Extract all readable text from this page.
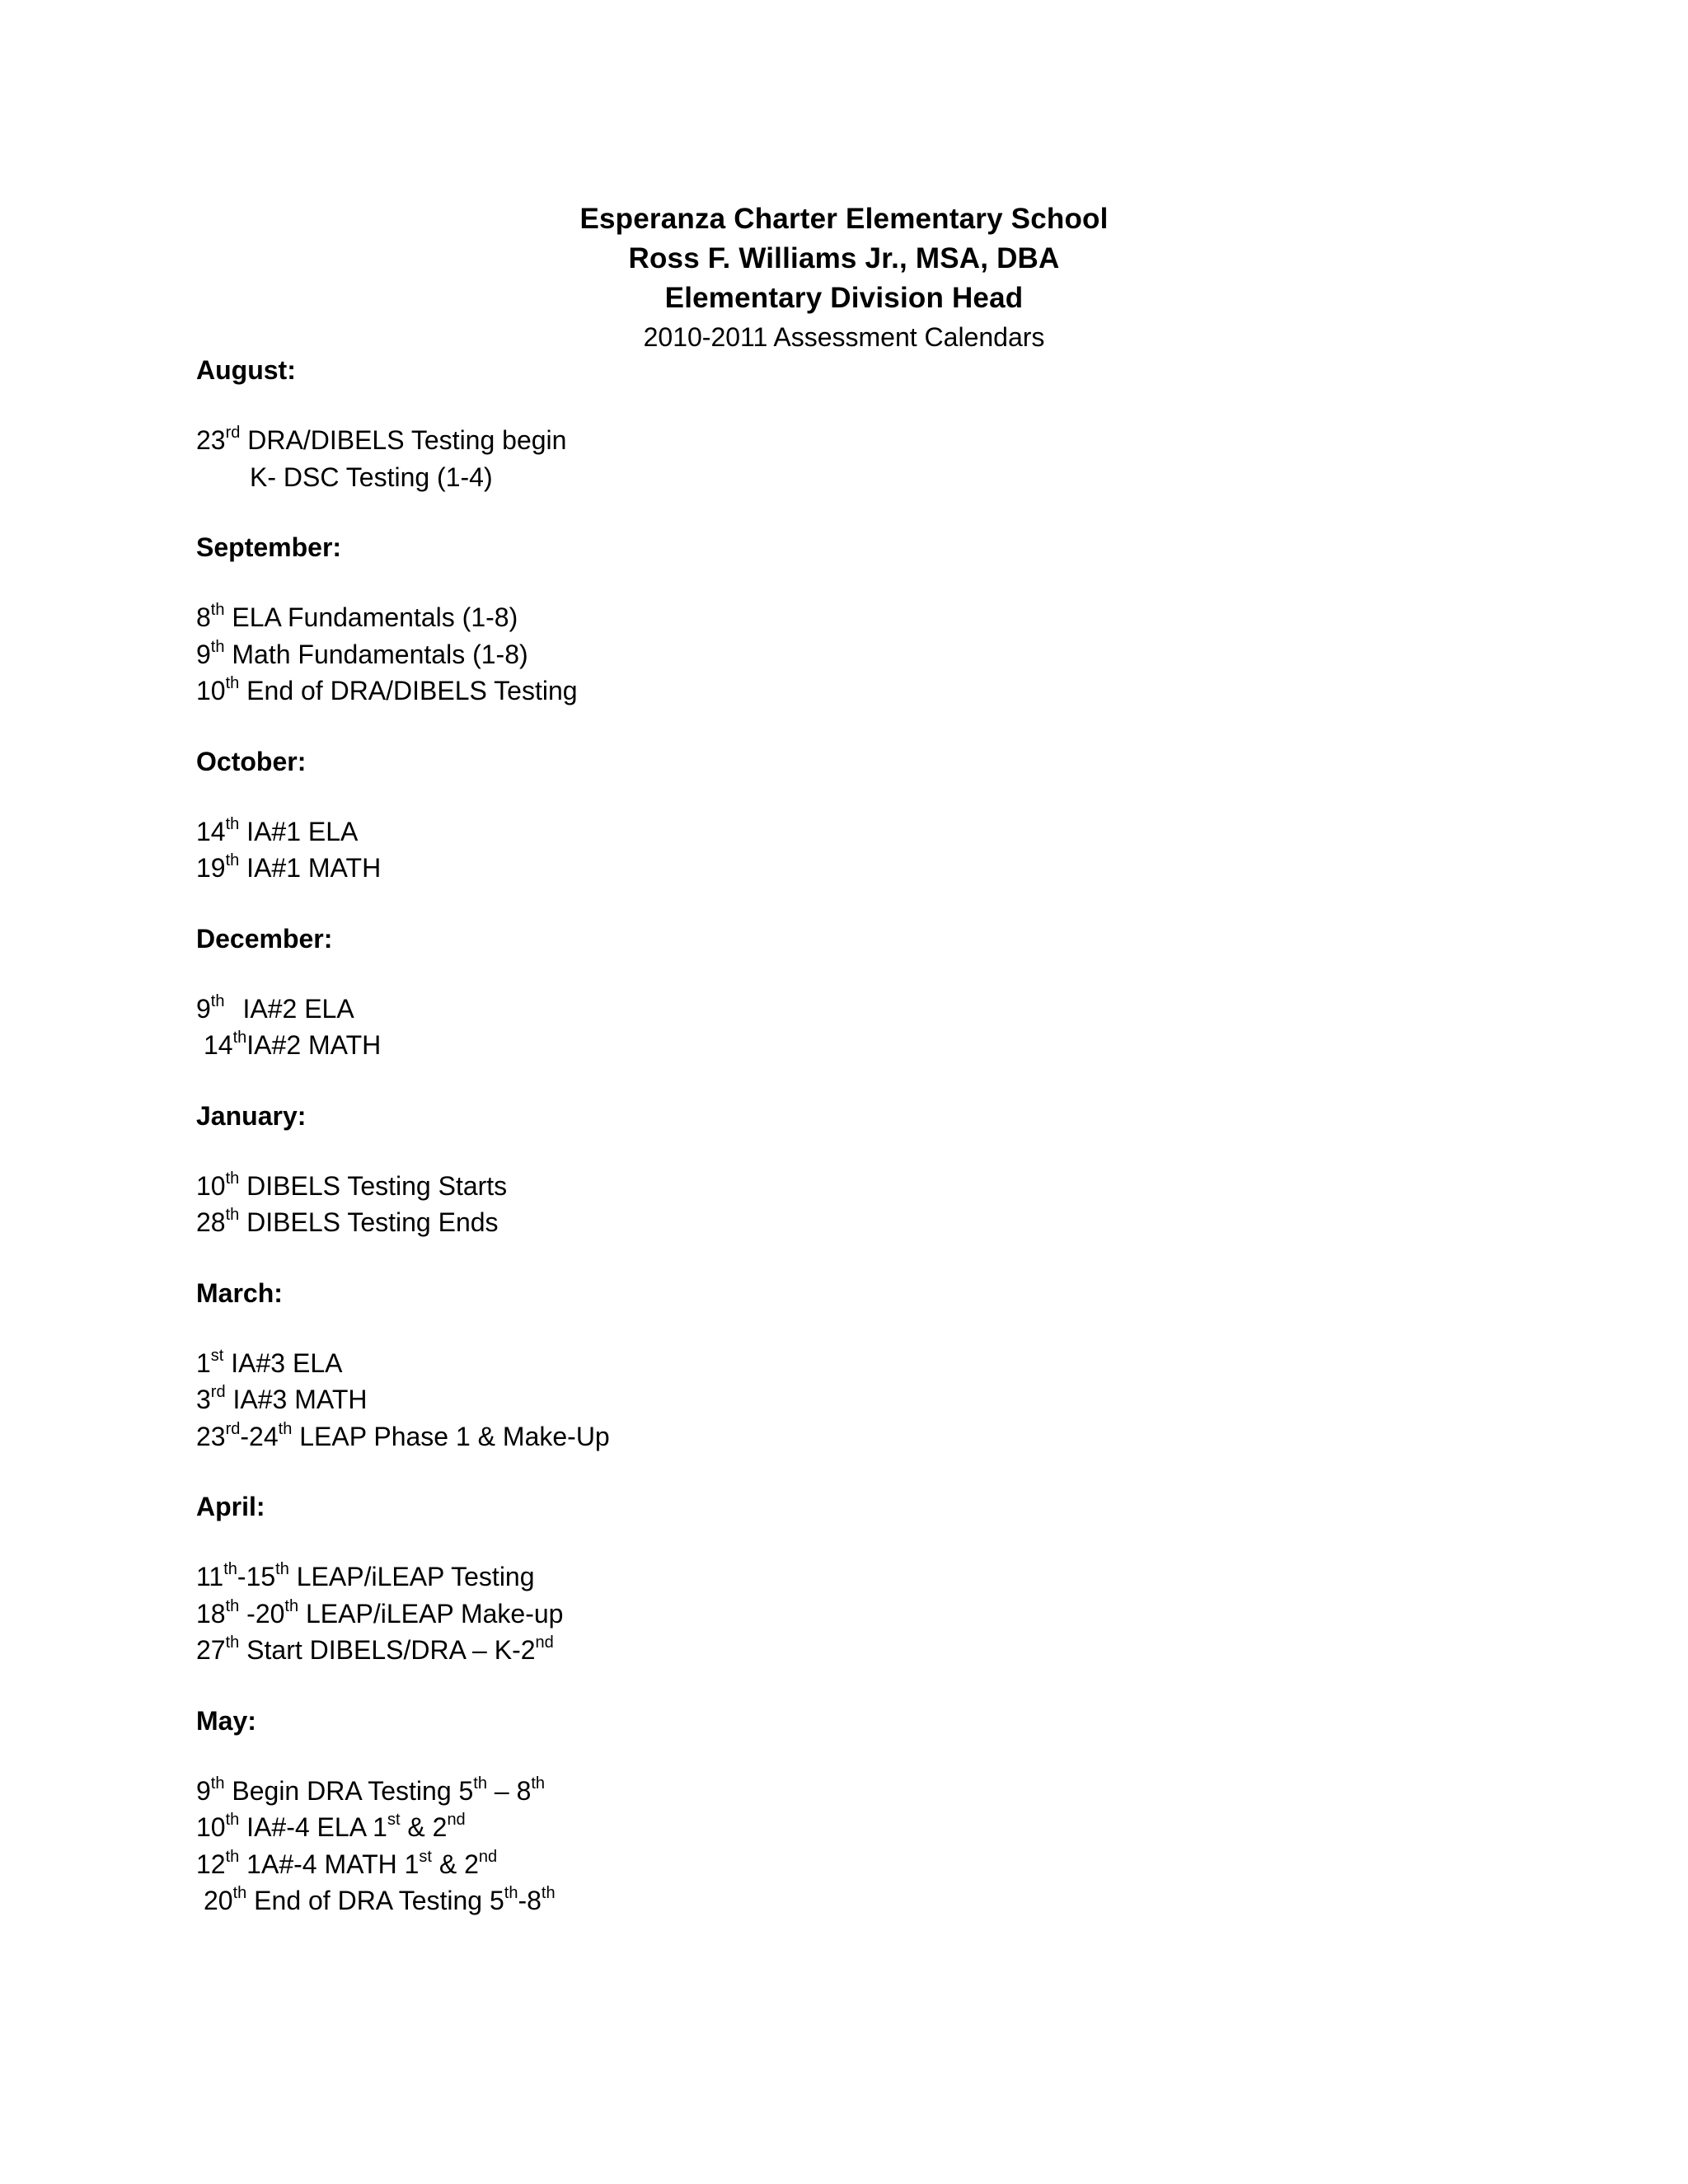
Esperanza Charter Elementary School
Ross F. Williams Jr., MSA, DBA
Elementary Division Head
2010-2011 Assessment Calendars
August:
23rd DRA/DIBELS Testing begin
K- DSC Testing (1-4)
September:
8th ELA Fundamentals (1-8)
9th Math Fundamentals (1-8)
10th End of DRA/DIBELS Testing
October:
14th IA#1 ELA
19th IA#1 MATH
December:
9th IA#2 ELA
14thIA#2 MATH
January:
10th DIBELS Testing Starts
28th DIBELS Testing Ends
March:
1st IA#3 ELA
3rd IA#3 MATH
23rd-24th LEAP Phase 1 & Make-Up
April:
11th-15th LEAP/iLEAP Testing
18th -20th LEAP/iLEAP Make-up
27th Start DIBELS/DRA – K-2nd
May:
9th Begin DRA Testing 5th – 8th
10th IA#-4 ELA 1st & 2nd
12th 1A#-4 MATH 1st & 2nd
20th End of DRA Testing 5th-8th
